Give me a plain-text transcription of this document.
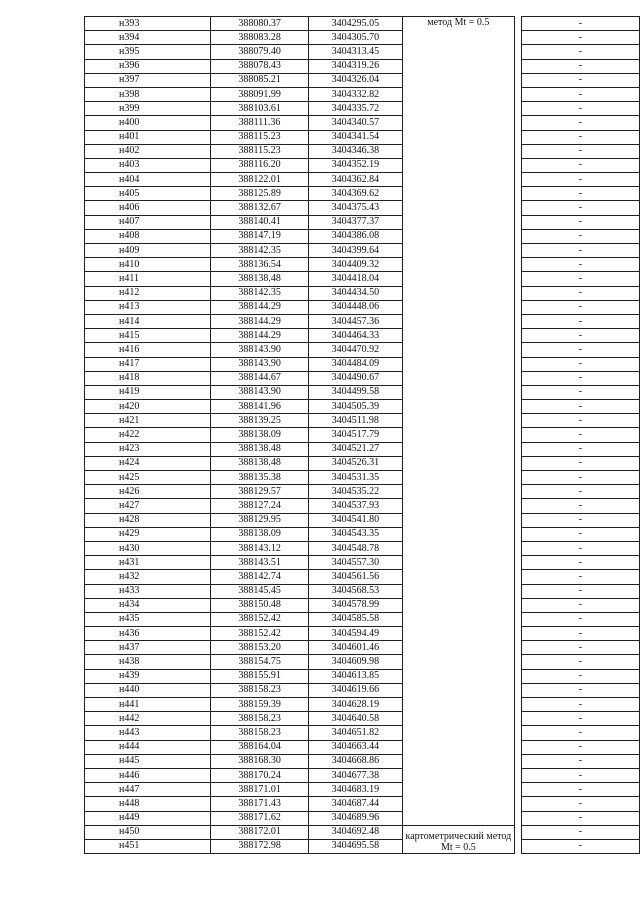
н393	388080.37	3404295.05	метод Mt = 0.5		-
н394	388083.28	3404305.70			-
н395	388079.40	3404313.45			-
н396	388078.43	3404319.26			-
н397	388085.21	3404326.04			-
н398	388091.99	3404332.82			-
н399	388103.61	3404335.72			-
н400	388111.36	3404340.57			-
н401	388115.23	3404341.54			-
н402	388115.23	3404346.38			-
н403	388116.20	3404352.19			-
н404	388122.01	3404362.84			-
н405	388125.89	3404369.62			-
н406	388132.67	3404375.43			-
н407	388140.41	3404377.37			-
н408	388147.19	3404386.08			-
н409	388142.35	3404399.64			-
н410	388136.54	3404409.32			-
н411	388138.48	3404418.04			-
н412	388142.35	3404434.50			-
н413	388144.29	3404448.06			-
н414	388144.29	3404457.36			-
н415	388144.29	3404464.33			-
н416	388143.90	3404470.92			-
н417	388143.90	3404484.09			-
н418	388144.67	3404490.67			-
н419	388143.90	3404499.58			-
н420	388141.96	3404505.39			-
н421	388139.25	3404511.98			-
н422	388138.09	3404517.79			-
н423	388138.48	3404521.27			-
н424	388138.48	3404526.31			-
н425	388135.38	3404531.35			-
н426	388129.57	3404535.22			-
н427	388127.24	3404537.93			-
н428	388129.95	3404541.80			-
н429	388138.09	3404543.35			-
н430	388143.12	3404548.78			-
н431	388143.51	3404557.30			-
н432	388142.74	3404561.56			-
н433	388145.45	3404568.53			-
н434	388150.48	3404578.99			-
н435	388152.42	3404585.58			-
н436	388152.42	3404594.49			-
н437	388153.20	3404601.46			-
н438	388154.75	3404609.98			-
н439	388155.91	3404613.85			-
н440	388158.23	3404619.66			-
н441	388159.39	3404628.19			-
н442	388158.23	3404640.58			-
н443	388158.23	3404651.82			-
н444	388164.04	3404663.44			-
н445	388168.30	3404668.86			-
н446	388170.24	3404677.38			-
н447	388171.01	3404683.19			-
н448	388171.43	3404687.44			-
н449	388171.62	3404689.96			-
н450	388172.01	3404692.48	картометрический метод Mt = 0.5		-
н451	388172.98	3404695.58			-
